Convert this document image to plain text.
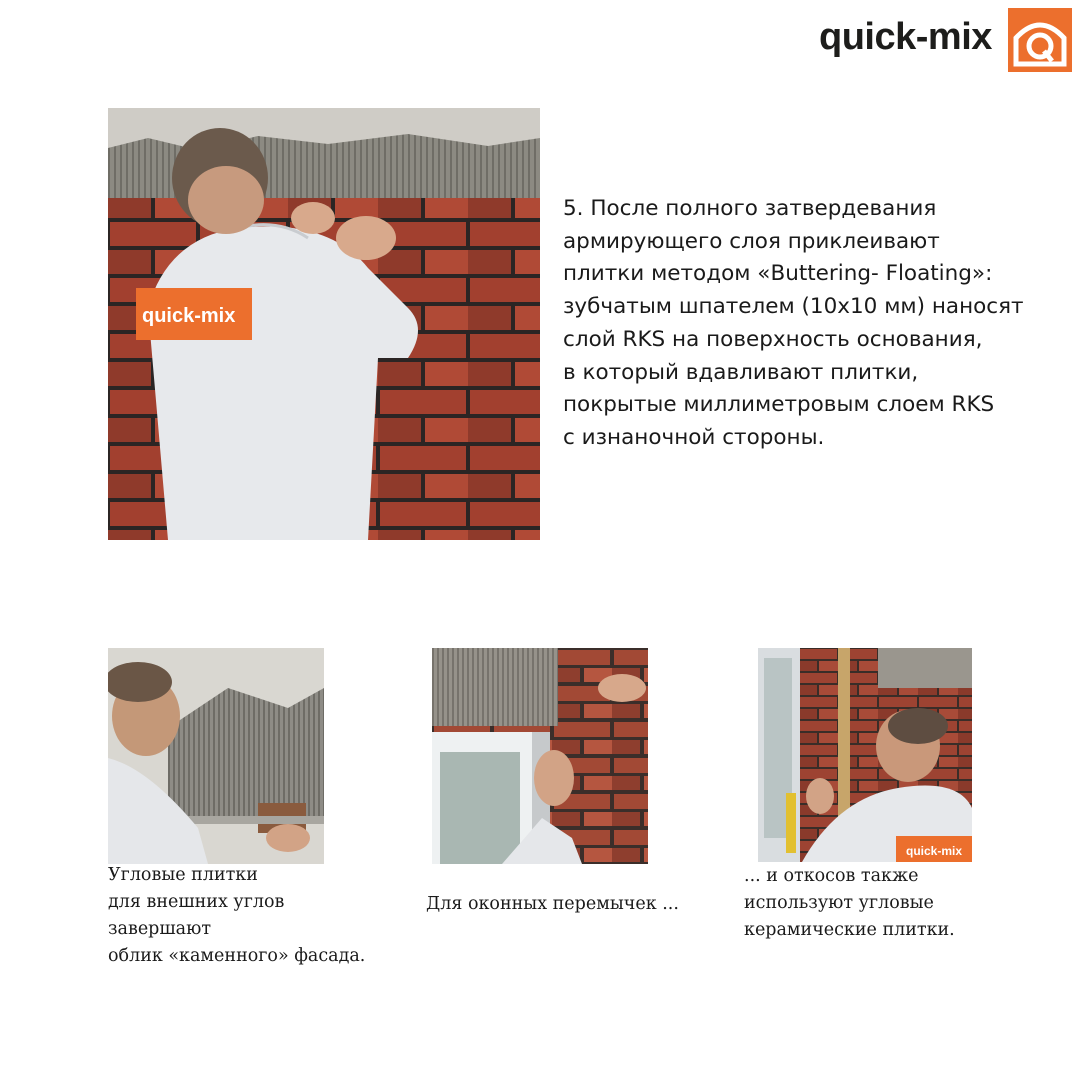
quick-mix
quick-mix
5. После полного затвердевания
армирующего слоя приклеивают
плитки методом «Buttering- Floating»:
зубчатым шпателем (10х10 мм) наносят
слой RKS на поверхность основания,
в который вдавливают плитки,
покрытые миллиметровым слоем RKS
с изнаночной стороны.
quick-mix
Угловые плитки
для внешних углов
завершают
облик «каменного» фасада.
Для оконных перемычек ...
... и откосов также
используют угловые
керамические плитки.
